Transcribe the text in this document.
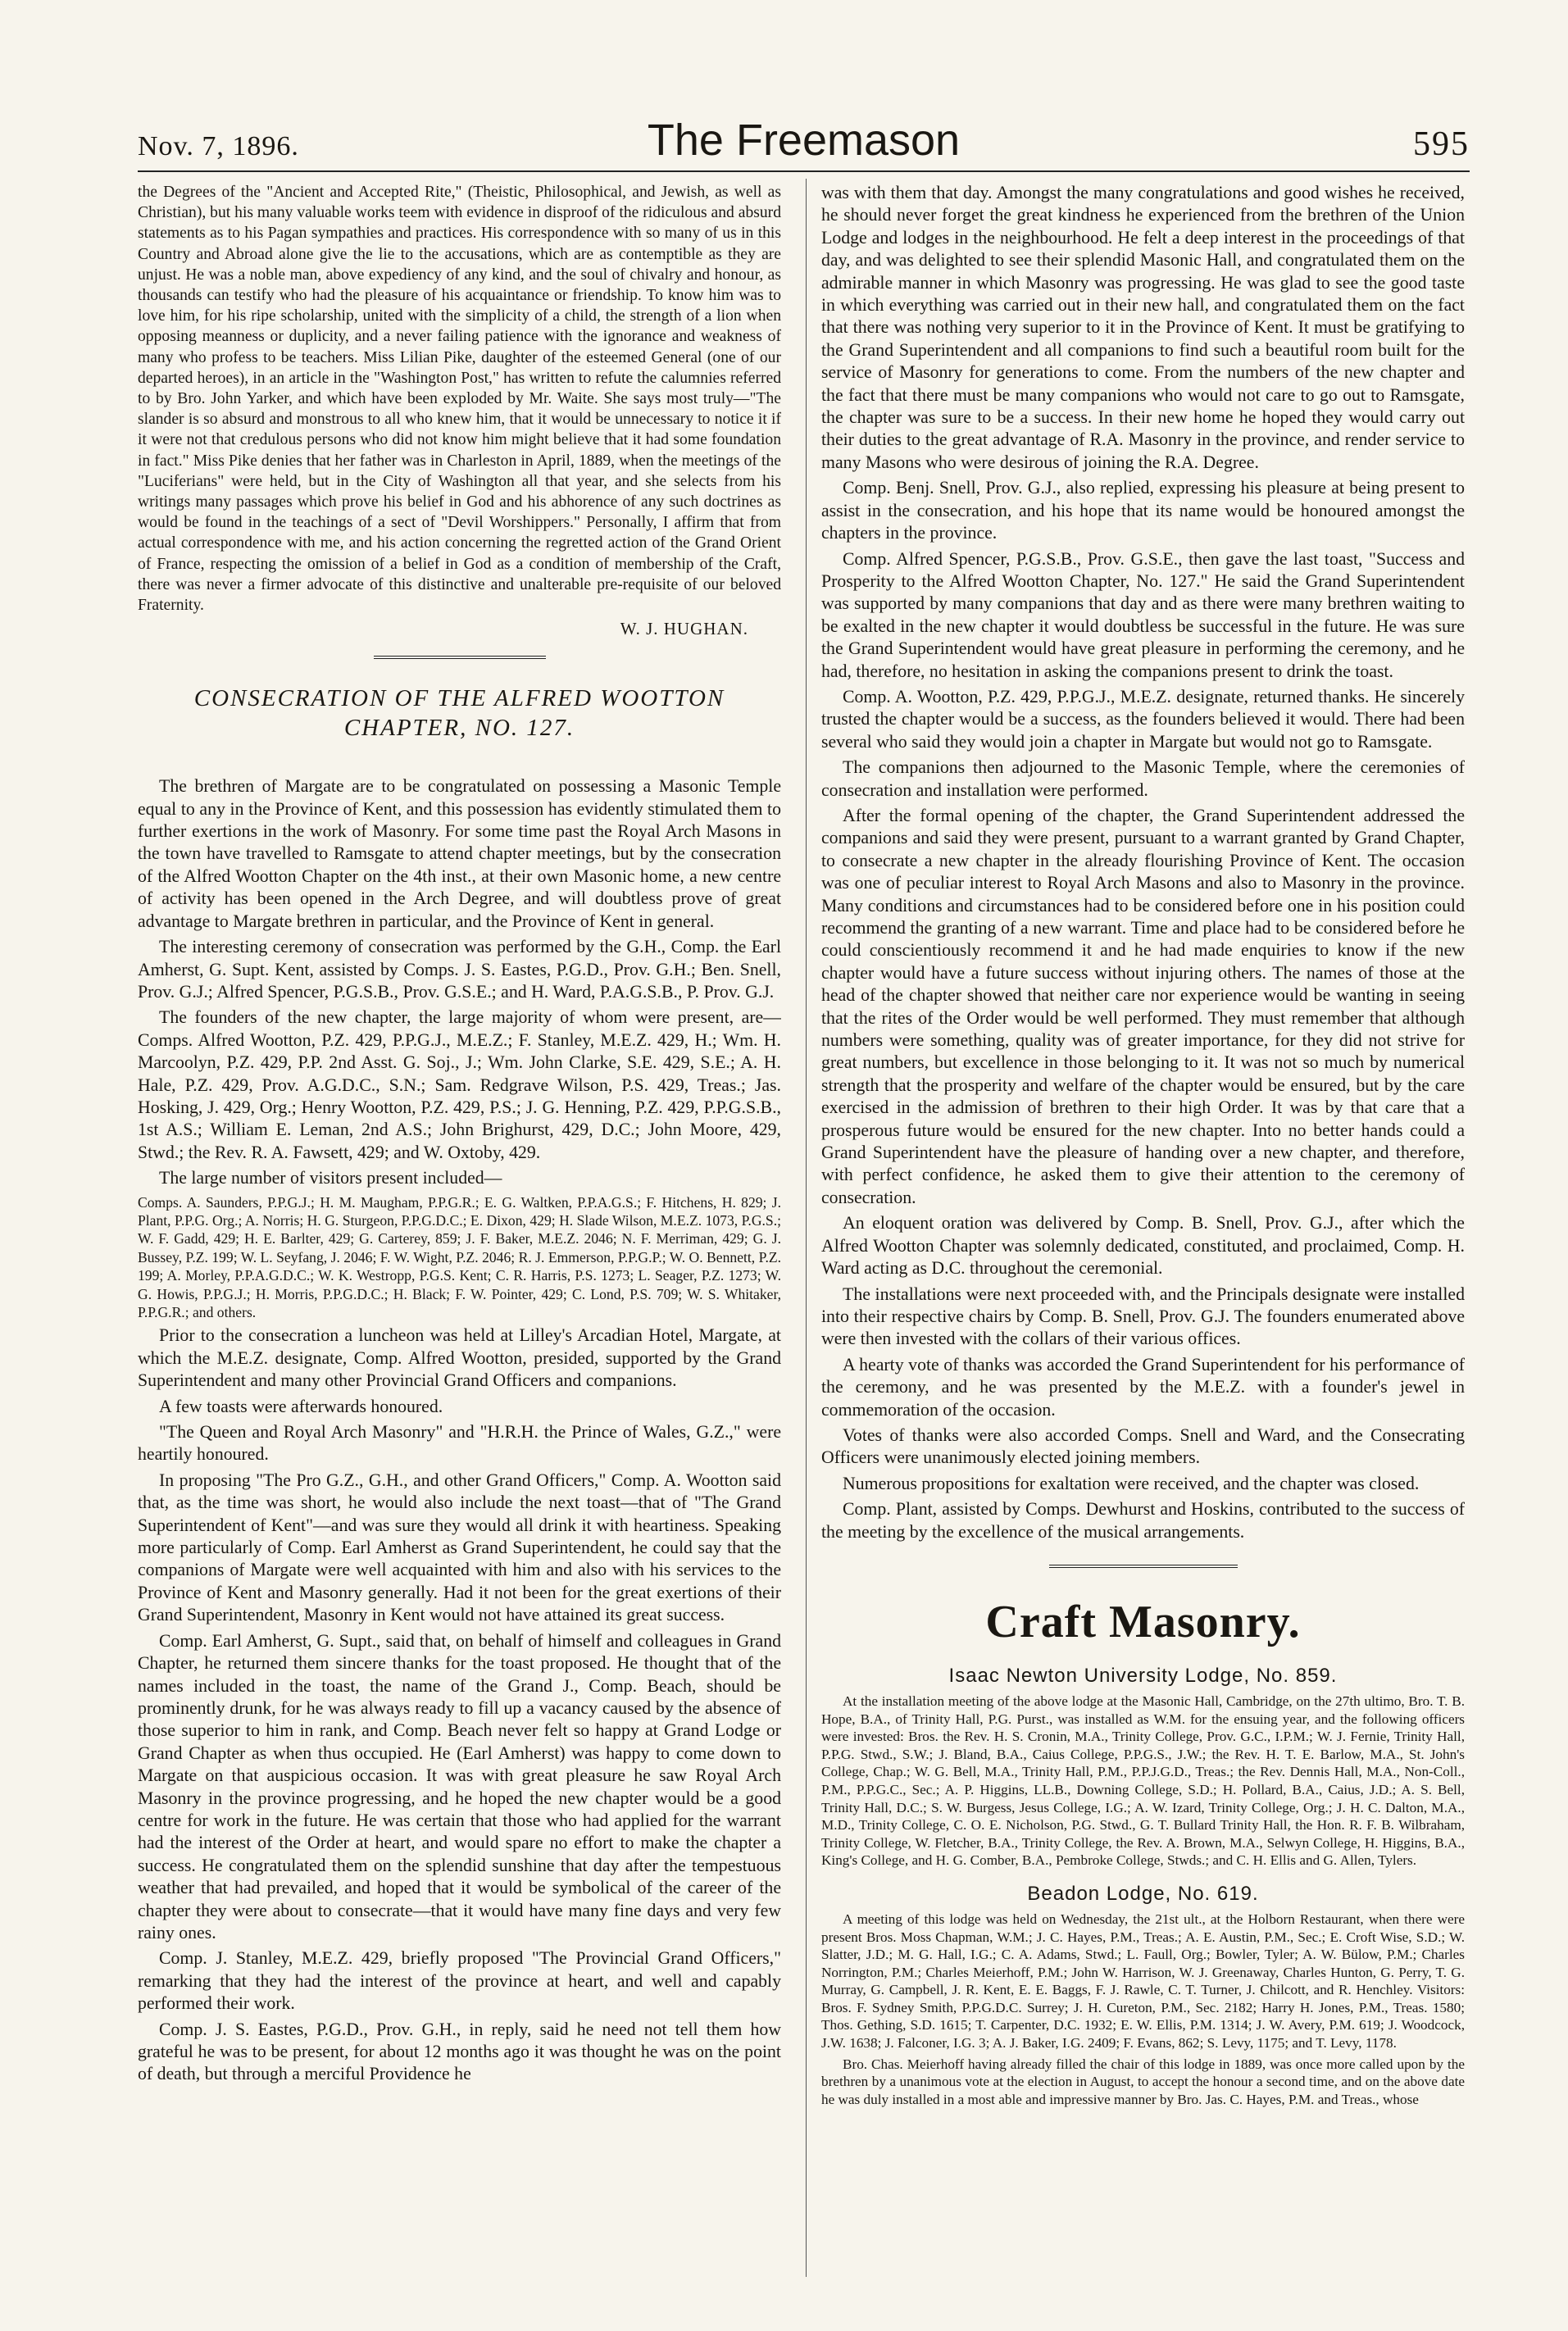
Nov. 7, 1896.	The Freemason	595

the Degrees of the "Ancient and Accepted Rite," (Theistic, Philosophical, and Jewish, as well as Christian), but his many valuable works teem with evidence in disproof of the ridiculous and absurd statements as to his Pagan sympathies and practices. His correspondence with so many of us in this Country and Abroad alone give the lie to the accusations, which are as contemptible as they are unjust. He was a noble man, above expediency of any kind, and the soul of chivalry and honour, as thousands can testify who had the pleasure of his acquaintance or friendship. To know him was to love him, for his ripe scholarship, united with the simplicity of a child, the strength of a lion when opposing meanness or duplicity, and a never failing patience with the ignorance and weakness of many who profess to be teachers. Miss Lilian Pike, daughter of the esteemed General (one of our departed heroes), in an article in the "Washington Post," has written to refute the calumnies referred to by Bro. John Yarker, and which have been exploded by Mr. Waite. She says most truly—"The slander is so absurd and monstrous to all who knew him, that it would be unnecessary to notice it if it were not that credulous persons who did not know him might believe that it had some foundation in fact." Miss Pike denies that her father was in Charleston in April, 1889, when the meetings of the "Luciferians" were held, but in the City of Washington all that year, and she selects from his writings many passages which prove his belief in God and his abhorence of any such doctrines as would be found in the teachings of a sect of "Devil Worshippers." Personally, I affirm that from actual correspondence with me, and his action concerning the regretted action of the Grand Orient of France, respecting the omission of a belief in God as a condition of membership of the Craft, there was never a firmer advocate of this distinctive and unalterable pre-requisite of our beloved Fraternity.

W. J. HUGHAN.
CONSECRATION OF THE ALFRED WOOTTON
CHAPTER, NO. 127.

The brethren of Margate are to be congratulated on possessing a Masonic Temple equal to any in the Province of Kent, and this possession has evidently stimulated them to further exertions in the work of Masonry. For some time past the Royal Arch Masons in the town have travelled to Ramsgate to attend chapter meetings, but by the consecration of the Alfred Wootton Chapter on the 4th inst., at their own Masonic home, a new centre of activity has been opened in the Arch Degree, and will doubtless prove of great advantage to Margate brethren in particular, and the Province of Kent in general.

The interesting ceremony of consecration was performed by the G.H., Comp. the Earl Amherst, G. Supt. Kent, assisted by Comps. J. S. Eastes, P.G.D., Prov. G.H.; Ben. Snell, Prov. G.J.; Alfred Spencer, P.G.S.B., Prov. G.S.E.; and H. Ward, P.A.G.S.B., P. Prov. G.J.

The founders of the new chapter, the large majority of whom were present, are—Comps. Alfred Wootton, P.Z. 429, P.P.G.J., M.E.Z.; F. Stanley, M.E.Z. 429, H.; Wm. H. Marcoolyn, P.Z. 429, P.P. 2nd Asst. G. Soj., J.; Wm. John Clarke, S.E. 429, S.E.; A. H. Hale, P.Z. 429, Prov. A.G.D.C., S.N.; Sam. Redgrave Wilson, P.S. 429, Treas.; Jas. Hosking, J. 429, Org.; Henry Wootton, P.Z. 429, P.S.; J. G. Henning, P.Z. 429, P.P.G.S.B., 1st A.S.; William E. Leman, 2nd A.S.; John Brighurst, 429, D.C.; John Moore, 429, Stwd.; the Rev. R. A. Fawsett, 429; and W. Oxtoby, 429.

The large number of visitors present included—

Comps. A. Saunders, P.P.G.J.; H. M. Maugham, P.P.G.R.; E. G. Waltken, P.P.A.G.S.; F. Hitchens, H. 829; J. Plant, P.P.G. Org.; A. Norris; H. G. Sturgeon, P.P.G.D.C.; E. Dixon, 429; H. Slade Wilson, M.E.Z. 1073, P.G.S.; W. F. Gadd, 429; H. E. Barlter, 429; G. Carterey, 859; J. F. Baker, M.E.Z. 2046; N. F. Merriman, 429; G. J. Bussey, P.Z. 199; W. L. Seyfang, J. 2046; F. W. Wight, P.Z. 2046; R. J. Emmerson, P.P.G.P.; W. O. Bennett, P.Z. 199; A. Morley, P.P.A.G.D.C.; W. K. Westropp, P.G.S. Kent; C. R. Harris, P.S. 1273; L. Seager, P.Z. 1273; W. G. Howis, P.P.G.J.; H. Morris, P.P.G.D.C.; H. Black; F. W. Pointer, 429; C. Lond, P.S. 709; W. S. Whitaker, P.P.G.R.; and others.

Prior to the consecration a luncheon was held at Lilley's Arcadian Hotel, Margate, at which the M.E.Z. designate, Comp. Alfred Wootton, presided, supported by the Grand Superintendent and many other Provincial Grand Officers and companions.

A few toasts were afterwards honoured.

"The Queen and Royal Arch Masonry" and "H.R.H. the Prince of Wales, G.Z.," were heartily honoured.

In proposing "The Pro G.Z., G.H., and other Grand Officers," Comp. A. Wootton said that, as the time was short, he would also include the next toast—that of "The Grand Superintendent of Kent"—and was sure they would all drink it with heartiness. Speaking more particularly of Comp. Earl Amherst as Grand Superintendent, he could say that the companions of Margate were well acquainted with him and also with his services to the Province of Kent and Masonry generally. Had it not been for the great exertions of their Grand Superintendent, Masonry in Kent would not have attained its great success.

Comp. Earl Amherst, G. Supt., said that, on behalf of himself and colleagues in Grand Chapter, he returned them sincere thanks for the toast proposed. He thought that of the names included in the toast, the name of the Grand J., Comp. Beach, should be prominently drunk, for he was always ready to fill up a vacancy caused by the absence of those superior to him in rank, and Comp. Beach never felt so happy at Grand Lodge or Grand Chapter as when thus occupied. He (Earl Amherst) was happy to come down to Margate on that auspicious occasion. It was with great pleasure he saw Royal Arch Masonry in the province progressing, and he hoped the new chapter would be a good centre for work in the future. He was certain that those who had applied for the warrant had the interest of the Order at heart, and would spare no effort to make the chapter a success. He congratulated them on the splendid sunshine that day after the tempestuous weather that had prevailed, and hoped that it would be symbolical of the career of the chapter they were about to consecrate—that it would have many fine days and very few rainy ones.

Comp. J. Stanley, M.E.Z. 429, briefly proposed "The Provincial Grand Officers," remarking that they had the interest of the province at heart, and well and capably performed their work.

Comp. J. S. Eastes, P.G.D., Prov. G.H., in reply, said he need not tell them how grateful he was to be present, for about 12 months ago it was thought he was on the point of death, but through a merciful Providence he

was with them that day. Amongst the many congratulations and good wishes he received, he should never forget the great kindness he experienced from the brethren of the Union Lodge and lodges in the neighbourhood. He felt a deep interest in the proceedings of that day, and was delighted to see their splendid Masonic Hall, and congratulated them on the admirable manner in which Masonry was progressing. He was glad to see the good taste in which everything was carried out in their new hall, and congratulated them on the fact that there was nothing very superior to it in the Province of Kent. It must be gratifying to the Grand Superintendent and all companions to find such a beautiful room built for the service of Masonry for generations to come. From the numbers of the new chapter and the fact that there must be many companions who would not care to go out to Ramsgate, the chapter was sure to be a success. In their new home he hoped they would carry out their duties to the great advantage of R.A. Masonry in the province, and render service to many Masons who were desirous of joining the R.A. Degree.

Comp. Benj. Snell, Prov. G.J., also replied, expressing his pleasure at being present to assist in the consecration, and his hope that its name would be honoured amongst the chapters in the province.

Comp. Alfred Spencer, P.G.S.B., Prov. G.S.E., then gave the last toast, "Success and Prosperity to the Alfred Wootton Chapter, No. 127." He said the Grand Superintendent was supported by many companions that day and as there were many brethren waiting to be exalted in the new chapter it would doubtless be successful in the future. He was sure the Grand Superintendent would have great pleasure in performing the ceremony, and he had, therefore, no hesitation in asking the companions present to drink the toast.

Comp. A. Wootton, P.Z. 429, P.P.G.J., M.E.Z. designate, returned thanks. He sincerely trusted the chapter would be a success, as the founders believed it would. There had been several who said they would join a chapter in Margate but would not go to Ramsgate.

The companions then adjourned to the Masonic Temple, where the ceremonies of consecration and installation were performed.

After the formal opening of the chapter, the Grand Superintendent addressed the companions and said they were present, pursuant to a warrant granted by Grand Chapter, to consecrate a new chapter in the already flourishing Province of Kent. The occasion was one of peculiar interest to Royal Arch Masons and also to Masonry in the province. Many conditions and circumstances had to be considered before one in his position could recommend the granting of a new warrant. Time and place had to be considered before he could conscientiously recommend it and he had made enquiries to know if the new chapter would have a future success without injuring others. The names of those at the head of the chapter showed that neither care nor experience would be wanting in seeing that the rites of the Order would be well performed. They must remember that although numbers were something, quality was of greater importance, for they did not strive for great numbers, but excellence in those belonging to it. It was not so much by numerical strength that the prosperity and welfare of the chapter would be ensured, but by the care exercised in the admission of brethren to their high Order. It was by that care that a prosperous future would be ensured for the new chapter. Into no better hands could a Grand Superintendent have the pleasure of handing over a new chapter, and therefore, with perfect confidence, he asked them to give their attention to the ceremony of consecration.

An eloquent oration was delivered by Comp. B. Snell, Prov. G.J., after which the Alfred Wootton Chapter was solemnly dedicated, constituted, and proclaimed, Comp. H. Ward acting as D.C. throughout the ceremonial.

The installations were next proceeded with, and the Principals designate were installed into their respective chairs by Comp. B. Snell, Prov. G.J. The founders enumerated above were then invested with the collars of their various offices.

A hearty vote of thanks was accorded the Grand Superintendent for his performance of the ceremony, and he was presented by the M.E.Z. with a founder's jewel in commemoration of the occasion.

Votes of thanks were also accorded Comps. Snell and Ward, and the Consecrating Officers were unanimously elected joining members.

Numerous propositions for exaltation were received, and the chapter was closed.

Comp. Plant, assisted by Comps. Dewhurst and Hoskins, contributed to the success of the meeting by the excellence of the musical arrangements.

Craft Masonry.
Isaac Newton University Lodge, No. 859.

At the installation meeting of the above lodge at the Masonic Hall, Cambridge, on the 27th ultimo, Bro. T. B. Hope, B.A., of Trinity Hall, P.G. Purst., was installed as W.M. for the ensuing year, and the following officers were invested: Bros. the Rev. H. S. Cronin, M.A., Trinity College, Prov. G.C., I.P.M.; W. J. Fernie, Trinity Hall, P.P.G. Stwd., S.W.; J. Bland, B.A., Caius College, P.P.G.S., J.W.; the Rev. H. T. E. Barlow, M.A., St. John's College, Chap.; W. G. Bell, M.A., Trinity Hall, P.M., P.P.J.G.D., Treas.; the Rev. Dennis Hall, M.A., Non-Coll., P.M., P.P.G.C., Sec.; A. P. Higgins, LL.B., Downing College, S.D.; H. Pollard, B.A., Caius, J.D.; A. S. Bell, Trinity Hall, D.C.; S. W. Burgess, Jesus College, I.G.; A. W. Izard, Trinity College, Org.; J. H. C. Dalton, M.A., M.D., Trinity College, C. O. E. Nicholson, P.G. Stwd., G. T. Bullard Trinity Hall, the Hon. R. F. B. Wilbraham, Trinity College, W. Fletcher, B.A., Trinity College, the Rev. A. Brown, M.A., Selwyn College, H. Higgins, B.A., King's College, and H. G. Comber, B.A., Pembroke College, Stwds.; and C. H. Ellis and G. Allen, Tylers.

Beadon Lodge, No. 619.

A meeting of this lodge was held on Wednesday, the 21st ult., at the Holborn Restaurant, when there were present Bros. Moss Chapman, W.M.; J. C. Hayes, P.M., Treas.; A. E. Austin, P.M., Sec.; E. Croft Wise, S.D.; W. Slatter, J.D.; M. G. Hall, I.G.; C. A. Adams, Stwd.; L. Faull, Org.; Bowler, Tyler; A. W. Bülow, P.M.; Charles Norrington, P.M.; Charles Meierhoff, P.M.; John W. Harrison, W. J. Greenaway, Charles Hunton, G. Perry, T. G. Murray, G. Campbell, J. R. Kent, E. E. Baggs, F. J. Rawle, C. T. Turner, J. Chilcott, and R. Henchley. Visitors: Bros. F. Sydney Smith, P.P.G.D.C. Surrey; J. H. Cureton, P.M., Sec. 2182; Harry H. Jones, P.M., Treas. 1580; Thos. Gething, S.D. 1615; T. Carpenter, D.C. 1932; E. W. Ellis, P.M. 1314; J. W. Avery, P.M. 619; J. Woodcock, J.W. 1638; J. Falconer, I.G. 3; A. J. Baker, I.G. 2409; F. Evans, 862; S. Levy, 1175; and T. Levy, 1178.

Bro. Chas. Meierhoff having already filled the chair of this lodge in 1889, was once more called upon by the brethren by a unanimous vote at the election in August, to accept the honour a second time, and on the above date he was duly installed in a most able and impressive manner by Bro. Jas. C. Hayes, P.M. and Treas., whose
